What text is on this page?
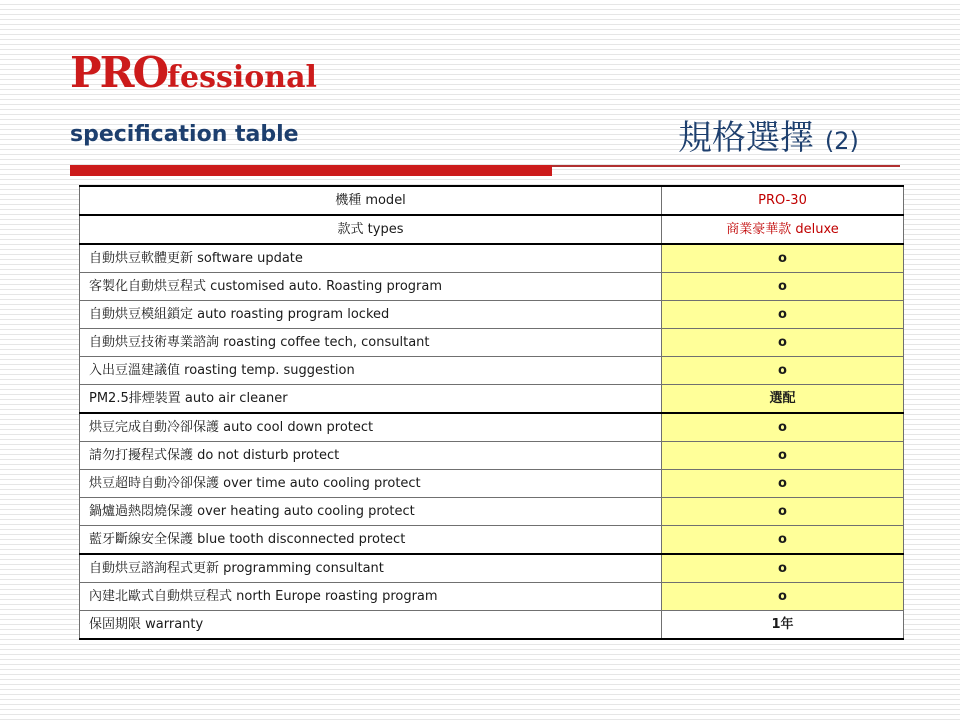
PROfessional
specification table	規格選擇 (2)
機種 model	PRO-30
款式 types	商業豪華款 deluxe
自動烘豆軟體更新 software update	o
客製化自動烘豆程式 customised auto. Roasting program	o
自動烘豆模組鎖定 auto roasting program locked	o
自動烘豆技術專業諮詢 roasting coffee tech, consultant	o
入出豆溫建議值 roasting temp. suggestion	o
PM2.5排煙裝置 auto air cleaner	選配
烘豆完成自動冷卻保護 auto cool down protect	o
請勿打擾程式保護 do not disturb protect	o
烘豆超時自動冷卻保護 over time auto cooling protect	o
鍋爐過熱悶燒保護 over heating auto cooling protect	o
藍牙斷線安全保護 blue tooth disconnected protect	o
自動烘豆諮詢程式更新 programming consultant	o
內建北歐式自動烘豆程式 north Europe roasting program	o
保固期限 warranty	1年
